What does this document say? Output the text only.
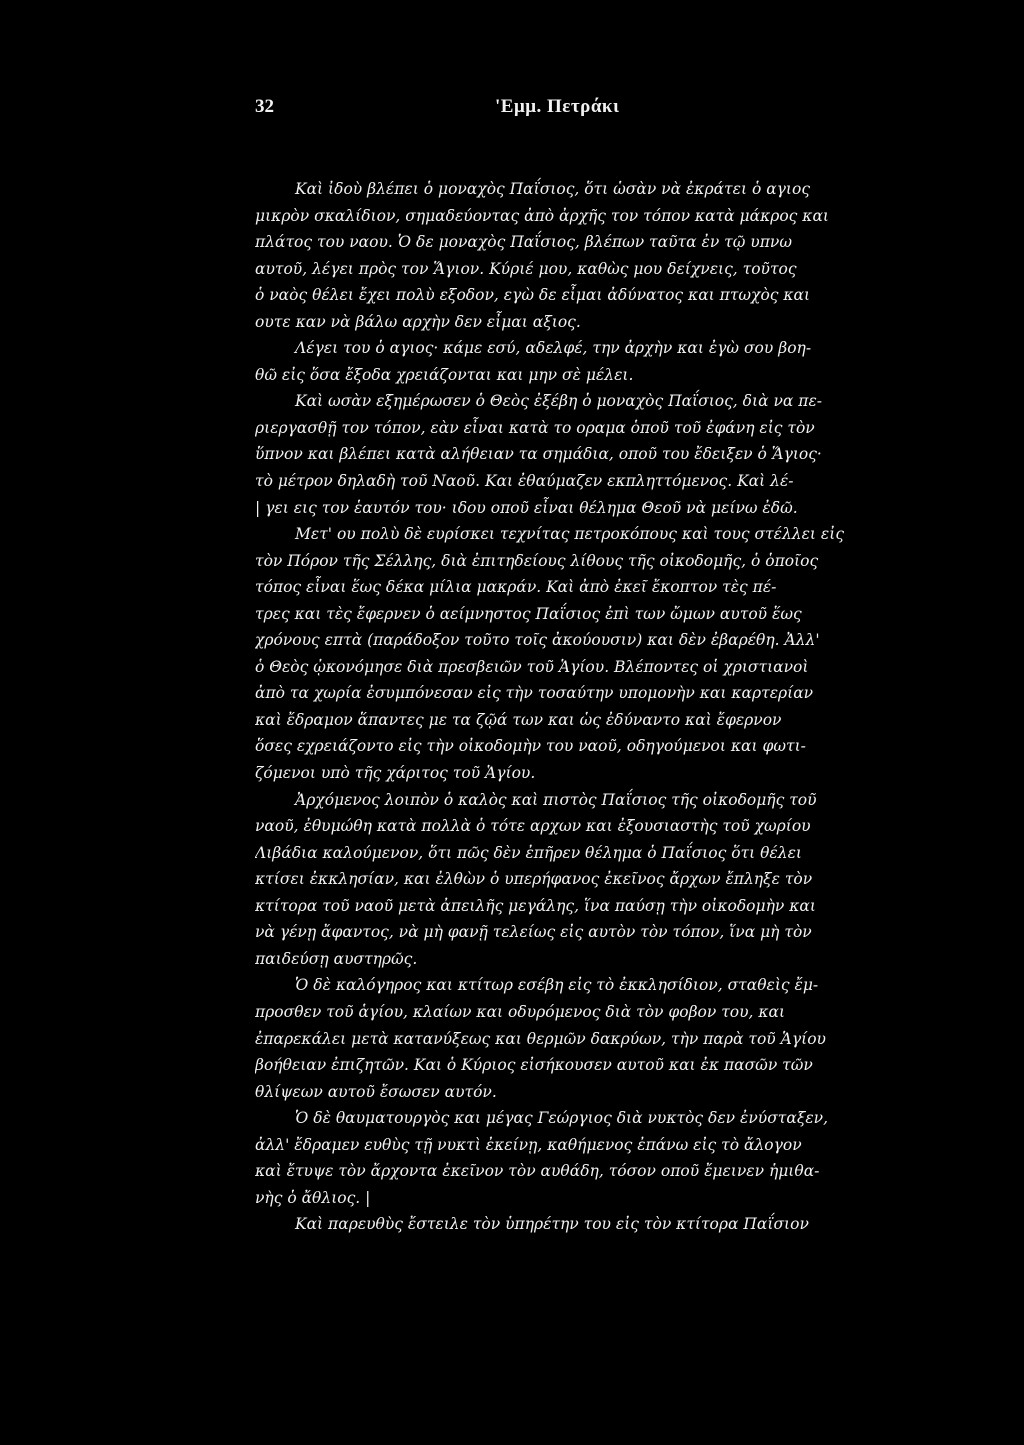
32	'Εμμ. Πετράκι
Καὶ ἰδοὺ βλέπει ὁ μοναχὸς Παΐσιος, ὅτι ὡσὰν νὰ ἐκράτει ὁ αγιος
μικρὸν σκαλίδιον, σημαδεύοντας ἀπὸ ἀρχῆς τον τόπον κατὰ μάκρος και
πλάτος του ναου. Ὁ δε μοναχὸς Παΐσιος, βλέπων ταῦτα ἐν τῷ υπνω
αυτοῦ, λέγει πρὸς τον Ἅγιον. Κύριέ μου, καθὼς μου δείχνεις, τοῦτος
ὁ ναὸς θέλει ἔχει πολὺ εξοδον, εγὼ δε εἶμαι ἀδύνατος και πτωχὸς και
ουτε καν νὰ βάλω αρχὴν δεν εἶμαι αξιος.
Λέγει του ὁ αγιος· κάμε εσύ, αδελφέ, την ἀρχὴν και ἐγὼ σου βοη-
θῶ εἰς ὅσα ἔξοδα χρειάζονται και μην σὲ μέλει.
Καὶ ωσὰν εξημέρωσεν ὁ Θεὸς ἐξέβη ὁ μοναχὸς Παΐσιος, διὰ να πε-
ριεργασθῇ τον τόπον, εὰν εἶναι κατὰ το οραμα ὁποῦ τοῦ ἐφάνη εἰς τὸν
ὕπνον και βλέπει κατὰ αλήθειαν τα σημάδια, οποῦ του ἔδειξεν ὁ Ἅγιος·
τὸ μέτρον δηλαδὴ τοῦ Ναοῦ. Και ἐθαύμαζεν εκπληττόμενος. Καὶ λέ-
| γει εις τον ἑαυτόν του· ιδου οποῦ εἶναι θέλημα Θεοῦ νὰ μείνω ἐδῶ.
Μετ' ου πολὺ δὲ ευρίσκει τεχνίτας πετροκόπους καὶ τους στέλλει εἰς
τὸν Πόρον τῆς Σέλλης, διὰ ἐπιτηδείους λίθους τῆς οἰκοδομῆς, ὁ ὁποῖος
τόπος εἶναι ἕως δέκα μίλια μακράν. Καὶ ἀπὸ ἐκεῖ ἔκοπτον τὲς πέ-
τρες και τὲς ἔφερνεν ὁ αείμνηστος Παΐσιος ἐπὶ των ὤμων αυτοῦ ἕως
χρόνους επτὰ (παράδοξον τοῦτο τοῖς ἀκούουσιν) και δὲν ἐβαρέθη. Ἀλλ'
ὁ Θεὸς ᾠκονόμησε διὰ πρεσβειῶν τοῦ Ἁγίου. Βλέποντες οἱ χριστιανοὶ
ἀπὸ τα χωρία ἐσυμπόνεσαν εἰς τὴν τοσαύτην υπομονὴν και καρτερίαν
καὶ ἔδραμον ἅπαντες με τα ζῷά των και ὡς ἐδύναντο καὶ ἔφερνον
ὅσες εχρειάζοντο εἰς τὴν οἰκοδομὴν του ναοῦ, οδηγούμενοι και φωτι-
ζόμενοι υπὸ τῆς χάριτος τοῦ Ἁγίου.
Ἀρχόμενος λοιπὸν ὁ καλὸς καὶ πιστὸς Παΐσιος τῆς οἰκοδομῆς τοῦ
ναοῦ, ἐθυμώθη κατὰ πολλὰ ὁ τότε αρχων και ἐξουσιαστὴς τοῦ χωρίου
Λιβάδια καλούμενον, ὅτι πῶς δὲν ἐπῆρεν θέλημα ὁ Παΐσιος ὅτι θέλει
κτίσει ἐκκλησίαν, και ἐλθὼν ὁ υπερήφανος ἐκεῖνος ἄρχων ἔπληξε τὸν
κτίτορα τοῦ ναοῦ μετὰ ἀπειλῆς μεγάλης, ἵνα παύσῃ τὴν οἰκοδομὴν και
νὰ γένῃ ἄφαντος, νὰ μὴ φανῇ τελείως εἰς αυτὸν τὸν τόπον, ἵνα μὴ τὸν
παιδεύσῃ αυστηρῶς.
Ὁ δὲ καλόγηρος και κτίτωρ εσέβη εἰς τὸ ἐκκλησίδιον, σταθεὶς ἔμ-
προσθεν τοῦ ἁγίου, κλαίων και οδυρόμενος διὰ τὸν φοβον του, και
ἐπαρεκάλει μετὰ κατανύξεως και θερμῶν δακρύων, τὴν παρὰ τοῦ Ἁγίου
βοήθειαν ἐπιζητῶν. Και ὁ Κύριος εἰσήκουσεν αυτοῦ και ἐκ πασῶν τῶν
θλίψεων αυτοῦ ἔσωσεν αυτόν.
Ὁ δὲ θαυματουργὸς και μέγας Γεώργιος διὰ νυκτὸς δεν ἐνύσταξεν,
ἀλλ' ἔδραμεν ευθὺς τῇ νυκτὶ ἐκείνῃ, καθήμενος ἐπάνω εἰς τὸ ἄλογον
καὶ ἔτυψε τὸν ἄρχοντα ἐκεῖνον τὸν αυθάδη, τόσον οποῦ ἔμεινεν ἡμιθα-
νὴς ὁ ἄθλιος. |
Καὶ παρευθὺς ἔστειλε τὸν ὑπηρέτην του εἰς τὸν κτίτορα Παΐσιον
